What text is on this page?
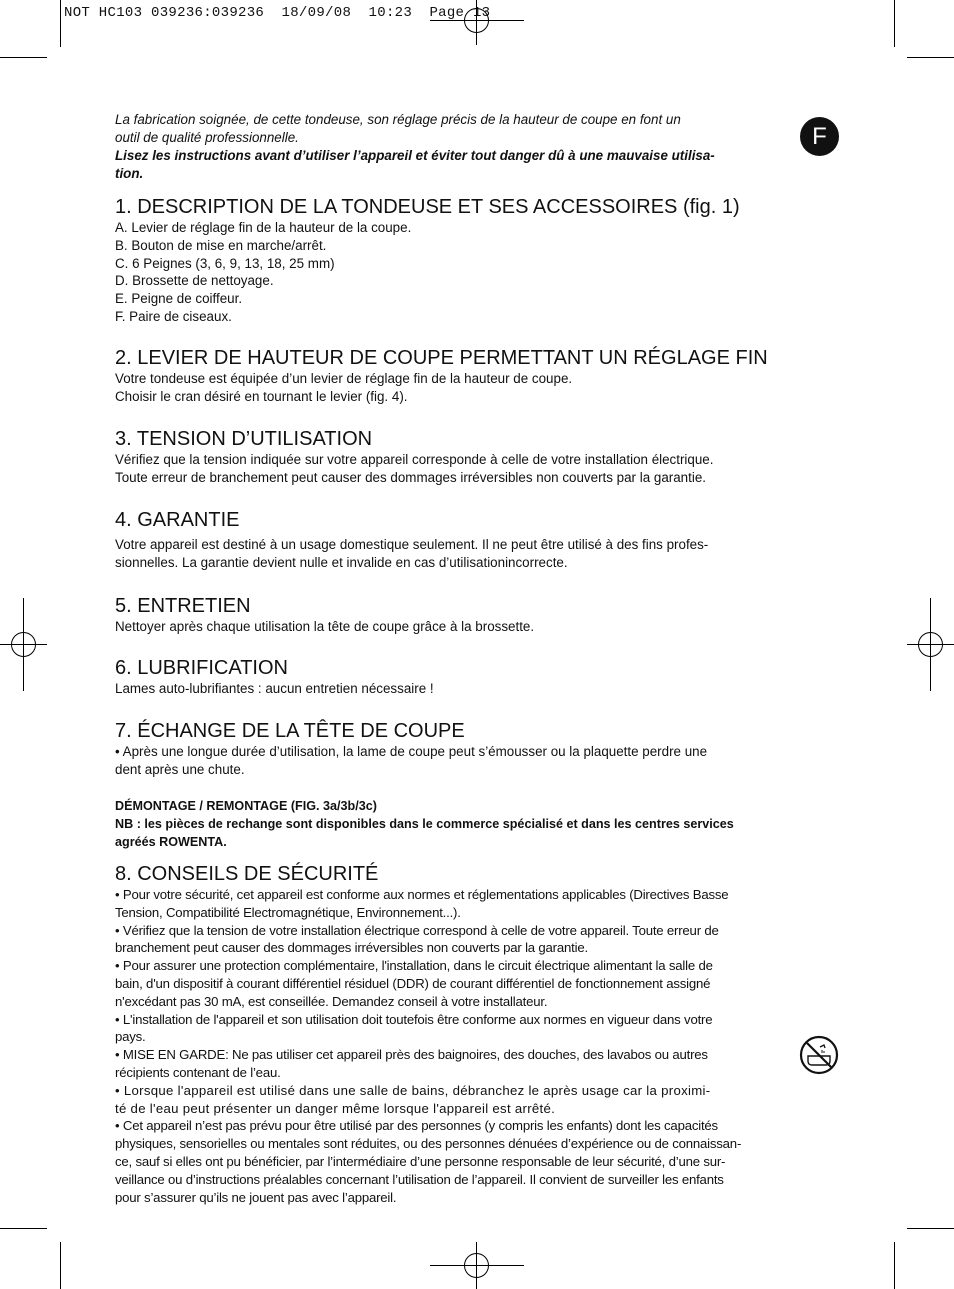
NOT HC103 039236:039236  18/09/08  10:23  Page 13
F

La fabrication soignée, de cette tondeuse, son réglage précis de la hauteur de coupe en font un

outil de qualité professionnelle.

Lisez les instructions avant d’utiliser l’appareil et éviter tout danger dû à une mauvaise utilisa-

tion.

1. DESCRIPTION DE LA TONDEUSE ET SES ACCESSOIRES (fig. 1)

A. Levier de réglage fin de la hauteur de la coupe.

B. Bouton de mise en marche/arrêt.

C. 6 Peignes (3, 6, 9, 13, 18, 25 mm)

D. Brossette de nettoyage.

E. Peigne de coiffeur.

F. Paire de ciseaux.

2. LEVIER DE HAUTEUR DE COUPE PERMETTANT UN RÉGLAGE FIN

Votre tondeuse est équipée d’un levier de réglage fin de la hauteur de coupe.

Choisir le cran désiré en tournant le levier (fig. 4).

3. TENSION D’UTILISATION

Vérifiez que la tension indiquée sur votre appareil corresponde à celle de votre installation électrique.

Toute erreur de branchement peut causer des dommages irréversibles non couverts par la garantie.

4. GARANTIE

Votre appareil est destiné à un usage domestique seulement. Il ne peut être utilisé à des fins profes-

sionnelles. La garantie devient nulle et invalide en cas d’utilisationincorrecte.

5. ENTRETIEN

Nettoyer après chaque utilisation la tête de coupe grâce à la brossette.

6. LUBRIFICATION

Lames auto-lubrifiantes : aucun entretien nécessaire !

7. ÉCHANGE DE LA TÊTE DE COUPE

• Après une longue durée d’utilisation, la lame de coupe peut s’émousser ou la plaquette perdre une

dent après une chute.

DÉMONTAGE / REMONTAGE (FIG. 3a/3b/3c)

NB : les pièces de rechange sont disponibles dans le commerce spécialisé et dans les centres services

agréés ROWENTA.

8. CONSEILS DE SÉCURITÉ

• Pour votre sécurité, cet appareil est conforme aux normes et réglementations applicables (Directives Basse

Tension, Compatibilité Electromagnétique, Environnement...).

• Vérifiez que la tension de votre installation électrique correspond à celle de votre appareil. Toute erreur de

branchement peut causer des dommages irréversibles non couverts par la garantie.

• Pour assurer une protection complémentaire, l'installation, dans le circuit électrique alimentant la salle de

bain, d'un dispositif à courant différentiel résiduel (DDR) de courant différentiel de fonctionnement assigné

n'excédant pas 30 mA, est conseillée. Demandez conseil à votre installateur.

• L'installation de l'appareil et son utilisation doit toutefois être conforme aux normes en vigueur dans votre

pays.

• MISE EN GARDE: Ne pas utiliser cet appareil près des baignoires, des douches, des lavabos ou autres

récipients contenant de l’eau.

• Lorsque l'appareil est utilisé dans une salle de bains, débranchez le après usage car la proximi-

té de l'eau peut présenter un danger même lorsque l'appareil est arrêté.

• Cet appareil n’est pas prévu pour être utilisé par des personnes (y compris les enfants) dont les capacités

physiques, sensorielles ou mentales sont réduites, ou des personnes dénuées d’expérience ou de connaissan-

ce, sauf si elles ont pu bénéficier, par l’intermédiaire d’une personne responsable de leur sécurité, d’une sur-

veillance ou d’instructions préalables concernant l’utilisation de l’appareil. Il convient de surveiller les enfants

pour s’assurer qu’ils ne jouent pas avec l’appareil.
